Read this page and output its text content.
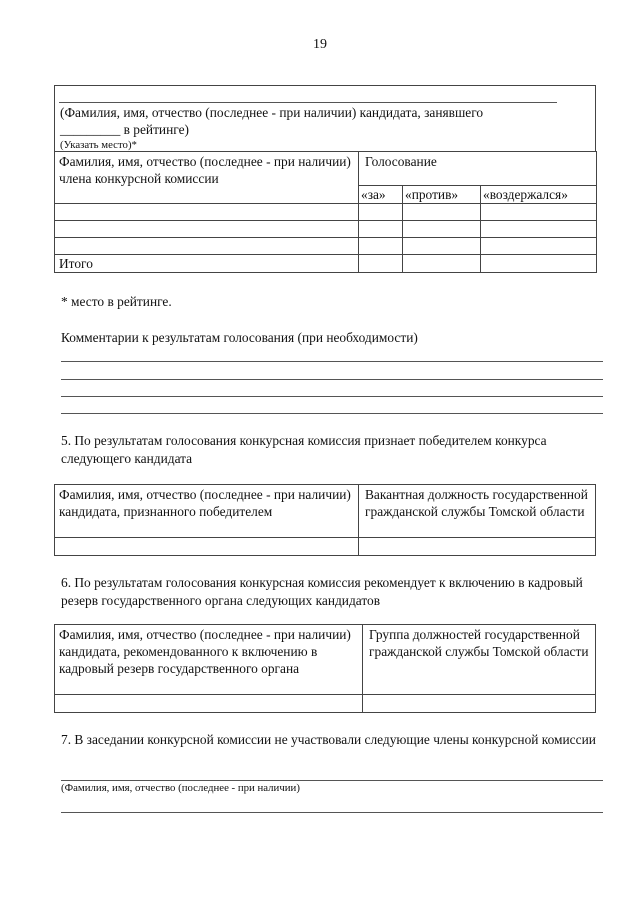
19
(Фамилия, имя, отчество (последнее - при наличии) кандидата, занявшего
_________ в рейтинге)
(Указать место)*
Фамилия, имя, отчество (последнее - при наличии) члена конкурсной комиссии	Голосование		
	«за»	«против»	«воздержался»

Итого			
* место в рейтинге.
Комментарии к результатам голосования (при необходимости)
5. По результатам голосования конкурсная комиссия признает победителем конкурса следующего кандидата
Фамилия, имя, отчество (последнее - при наличии) кандидата, признанного победителем	Вакантная должность государственной гражданской службы Томской области

6. По результатам голосования конкурсная комиссия рекомендует к включению в кадровый резерв государственного органа следующих кандидатов
Фамилия, имя, отчество (последнее - при наличии) кандидата, рекомендованного к включению в кадровый резерв государственного органа	Группа должностей государственной гражданской службы Томской области

7. В заседании конкурсной комиссии не участвовали следующие члены конкурсной комиссии
(Фамилия, имя, отчество (последнее - при наличии)
